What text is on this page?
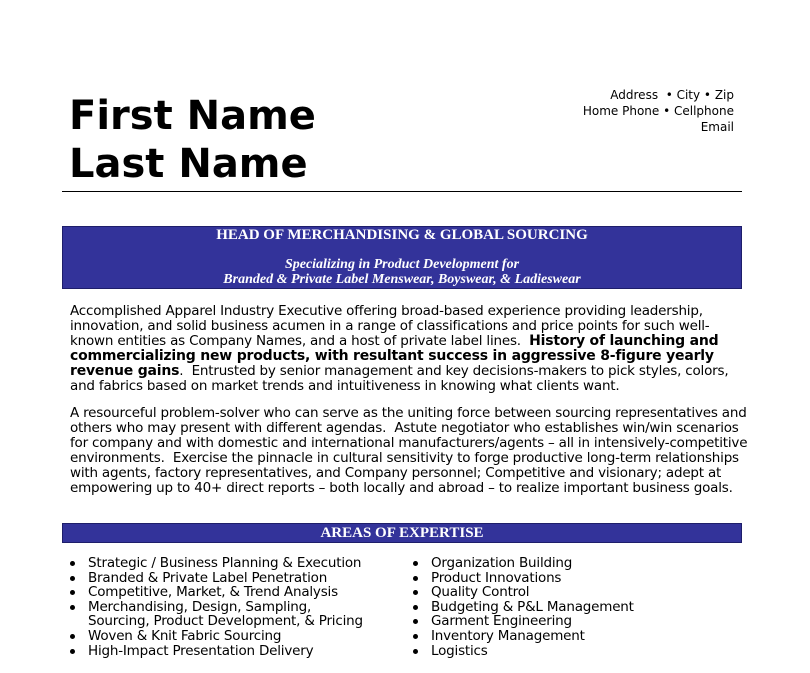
First Name
Last Name
Address  • City • Zip
Home Phone • Cellphone
Email
HEAD OF MERCHANDISING & GLOBAL SOURCING
Specializing in Product Development for
Branded & Private Label Menswear, Boyswear, & Ladieswear
Accomplished Apparel Industry Executive offering broad-based experience providing leadership, innovation, and solid business acumen in a range of classifications and price points for such well-known entities as Company Names, and a host of private label lines.  History of launching and commercializing new products, with resultant success in aggressive 8-figure yearly revenue gains.  Entrusted by senior management and key decisions-makers to pick styles, colors, and fabrics based on market trends and intuitiveness in knowing what clients want.
A resourceful problem-solver who can serve as the uniting force between sourcing representatives and others who may present with different agendas.  Astute negotiator who establishes win/win scenarios for company and with domestic and international manufacturers/agents – all in intensively-competitive environments.  Exercise the pinnacle in cultural sensitivity to forge productive long-term relationships with agents, factory representatives, and Company personnel; Competitive and visionary; adept at empowering up to 40+ direct reports – both locally and abroad – to realize important business goals.
AREAS OF EXPERTISE
Strategic / Business Planning & Execution
Branded & Private Label Penetration
Competitive, Market, & Trend Analysis
Merchandising, Design, Sampling, Sourcing, Product Development, & Pricing
Woven & Knit Fabric Sourcing
High-Impact Presentation Delivery
Organization Building
Product Innovations
Quality Control
Budgeting & P&L Management
Garment Engineering
Inventory Management
Logistics
